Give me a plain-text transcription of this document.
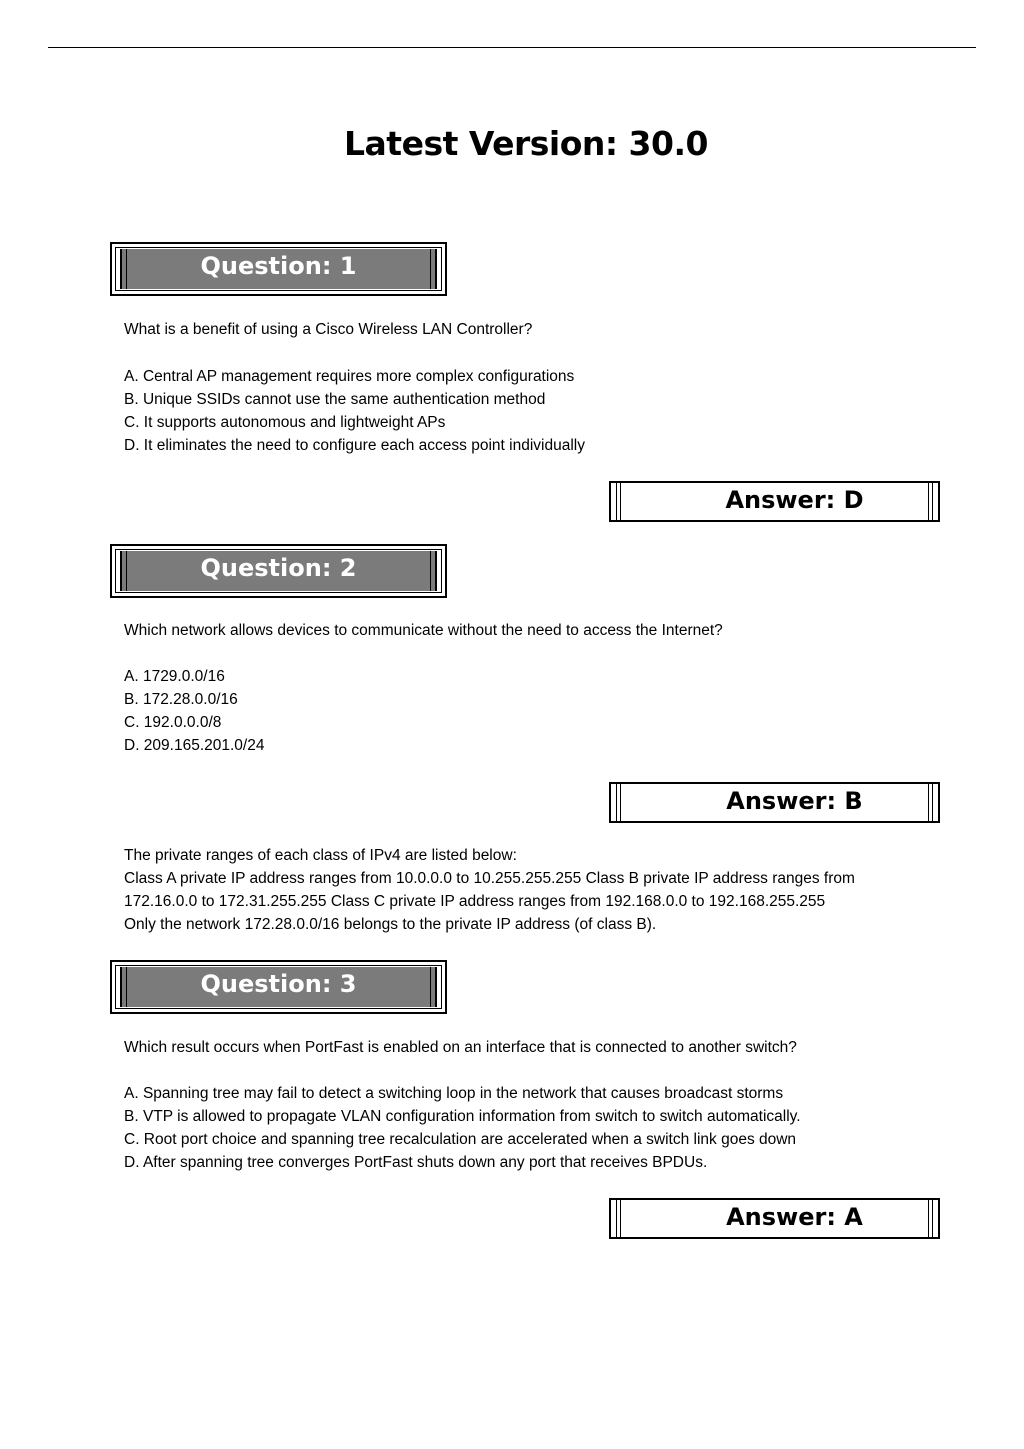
Latest Version: 30.0
Question: 1

What is a benefit of using a Cisco Wireless LAN Controller?

A. Central AP management requires more complex configurations

B. Unique SSIDs cannot use the same authentication method

C. It supports autonomous and lightweight APs

D. It eliminates the need to configure each access point individually

Answer: D
Question: 2

Which network allows devices to communicate without the need to access the Internet?

A. 1729.0.0/16

B. 172.28.0.0/16

C. 192.0.0.0/8

D. 209.165.201.0/24

Answer: B

The private ranges of each class of IPv4 are listed below:

Class A private IP address ranges from 10.0.0.0 to 10.255.255.255 Class B private IP address ranges from

172.16.0.0 to 172.31.255.255 Class C private IP address ranges from 192.168.0.0 to 192.168.255.255

Only the network 172.28.0.0/16 belongs to the private IP address (of class B).

Question: 3

Which result occurs when PortFast is enabled on an interface that is connected to another switch?

A. Spanning tree may fail to detect a switching loop in the network that causes broadcast storms

B. VTP is allowed to propagate VLAN configuration information from switch to switch automatically.

C. Root port choice and spanning tree recalculation are accelerated when a switch link goes down

D. After spanning tree converges PortFast shuts down any port that receives BPDUs.

Answer: A
